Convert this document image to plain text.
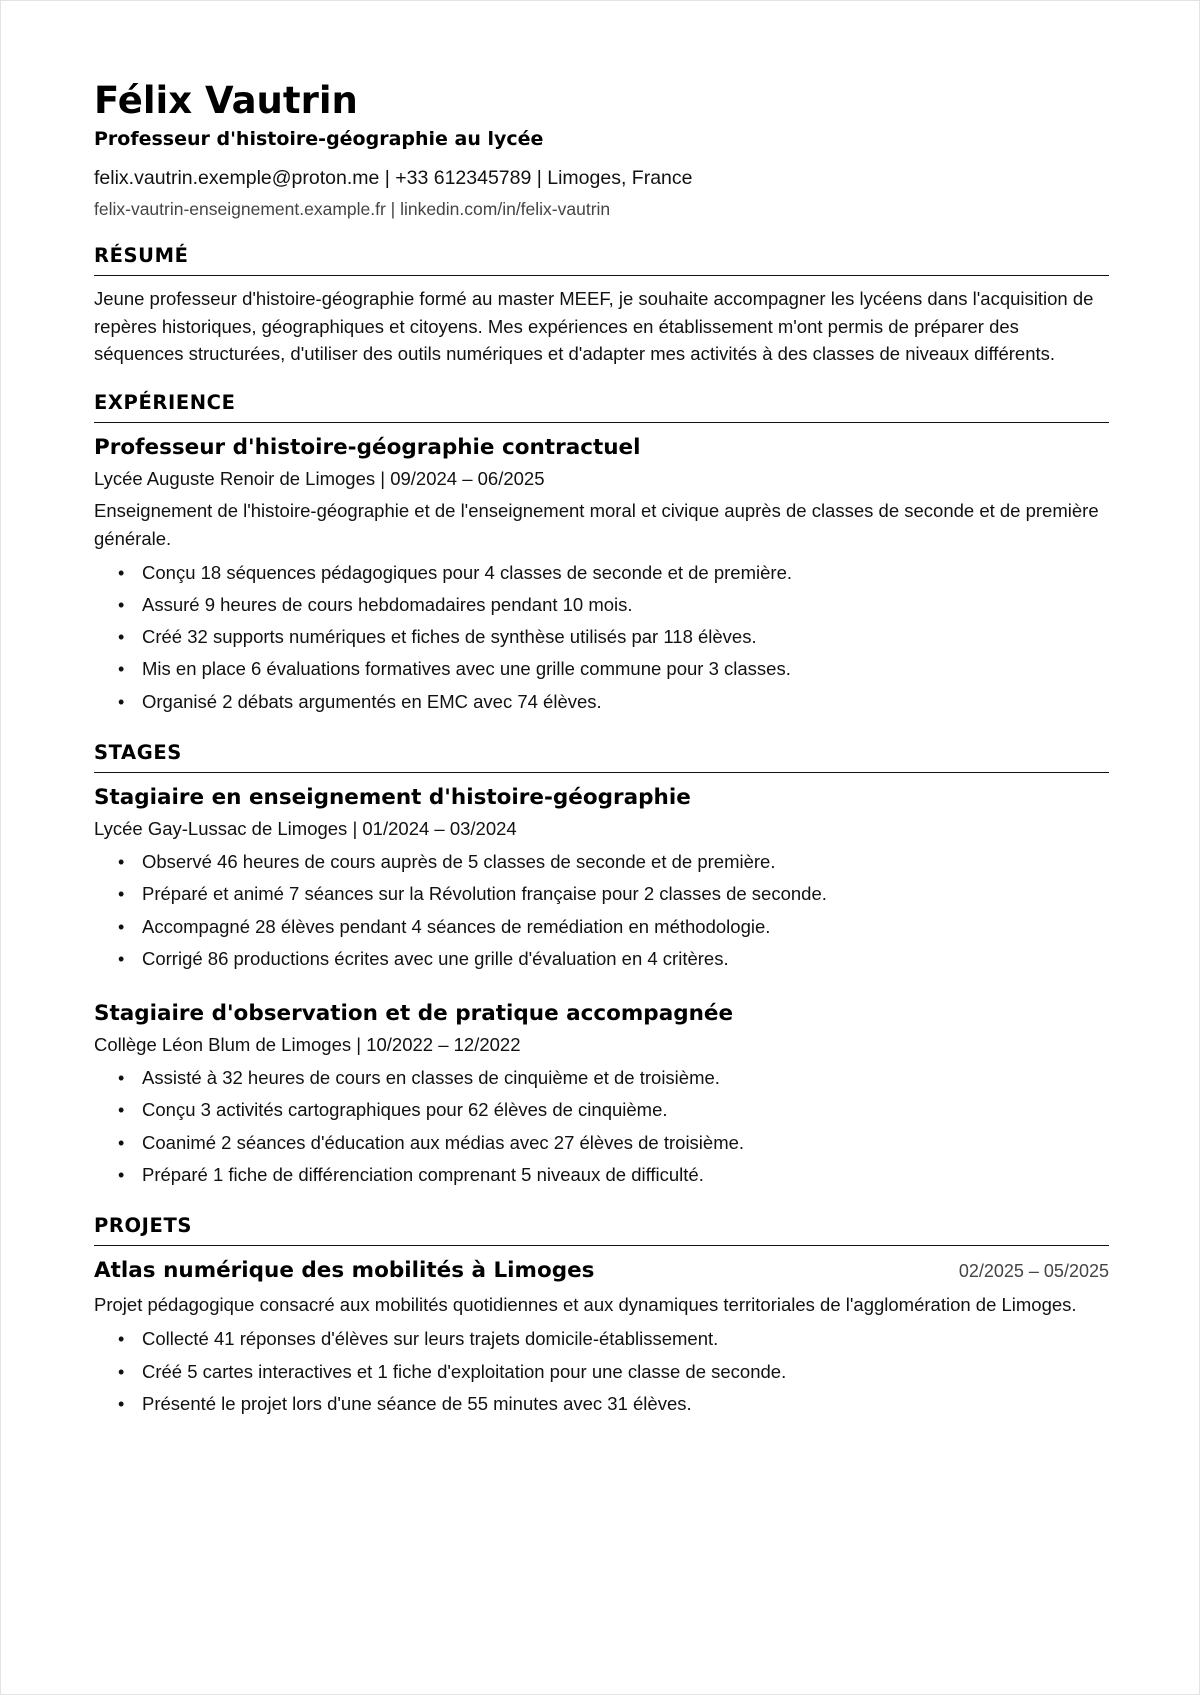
Félix Vautrin
Professeur d'histoire-géographie au lycée
felix.vautrin.exemple@proton.me | +33 612345789 | Limoges, France
felix-vautrin-enseignement.example.fr | linkedin.com/in/felix-vautrin
RÉSUMÉ
Jeune professeur d'histoire-géographie formé au master MEEF, je souhaite accompagner les lycéens dans l'acquisition de repères historiques, géographiques et citoyens. Mes expériences en établissement m'ont permis de préparer des séquences structurées, d'utiliser des outils numériques et d'adapter mes activités à des classes de niveaux différents.
EXPÉRIENCE
Professeur d'histoire-géographie contractuel
Lycée Auguste Renoir de Limoges | 09/2024 – 06/2025
Enseignement de l'histoire-géographie et de l'enseignement moral et civique auprès de classes de seconde et de première générale.
• Conçu 18 séquences pédagogiques pour 4 classes de seconde et de première.
• Assuré 9 heures de cours hebdomadaires pendant 10 mois.
• Créé 32 supports numériques et fiches de synthèse utilisés par 118 élèves.
• Mis en place 6 évaluations formatives avec une grille commune pour 3 classes.
• Organisé 2 débats argumentés en EMC avec 74 élèves.
STAGES
Stagiaire en enseignement d'histoire-géographie
Lycée Gay-Lussac de Limoges | 01/2024 – 03/2024
• Observé 46 heures de cours auprès de 5 classes de seconde et de première.
• Préparé et animé 7 séances sur la Révolution française pour 2 classes de seconde.
• Accompagné 28 élèves pendant 4 séances de remédiation en méthodologie.
• Corrigé 86 productions écrites avec une grille d'évaluation en 4 critères.
Stagiaire d'observation et de pratique accompagnée
Collège Léon Blum de Limoges | 10/2022 – 12/2022
• Assisté à 32 heures de cours en classes de cinquième et de troisième.
• Conçu 3 activités cartographiques pour 62 élèves de cinquième.
• Coanimé 2 séances d'éducation aux médias avec 27 élèves de troisième.
• Préparé 1 fiche de différenciation comprenant 5 niveaux de difficulté.
PROJETS
Atlas numérique des mobilités à Limoges	02/2025 – 05/2025
Projet pédagogique consacré aux mobilités quotidiennes et aux dynamiques territoriales de l'agglomération de Limoges.
• Collecté 41 réponses d'élèves sur leurs trajets domicile-établissement.
• Créé 5 cartes interactives et 1 fiche d'exploitation pour une classe de seconde.
• Présenté le projet lors d'une séance de 55 minutes avec 31 élèves.
